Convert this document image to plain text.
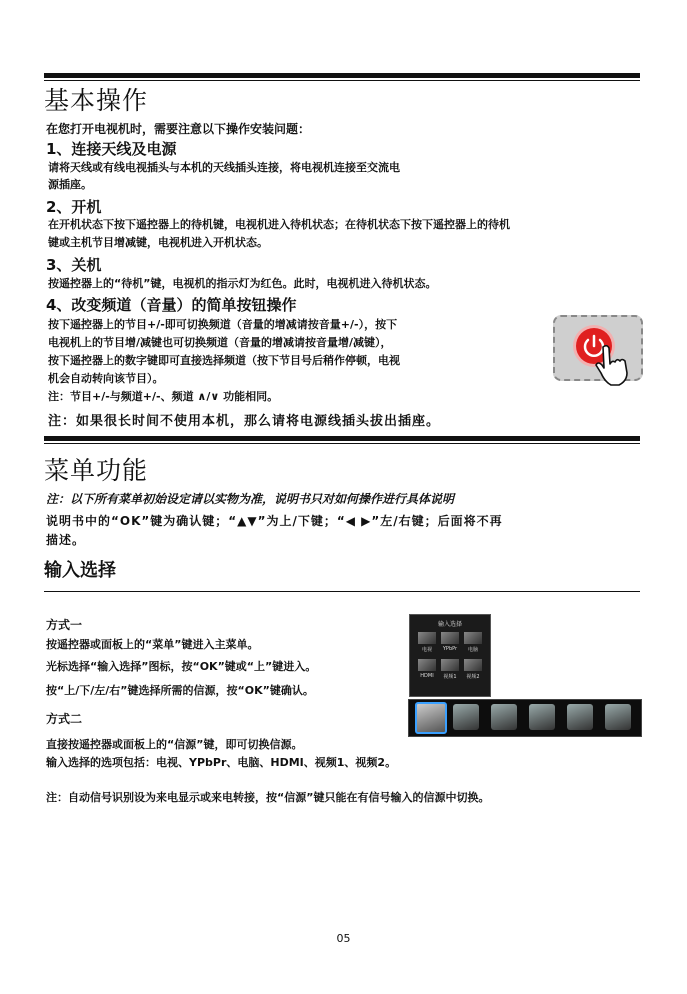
基本操作
在您打开电视机时，需要注意以下操作安装问题：
1、连接天线及电源
请将天线或有线电视插头与本机的天线插头连接，将电视机连接至交流电
源插座。
2、开机
在开机状态下按下遥控器上的待机键，电视机进入待机状态；在待机状态下按下遥控器上的待机
键或主机节目增减键，电视机进入开机状态。
3、关机
按遥控器上的“待机”键，电视机的指示灯为红色。此时，电视机进入待机状态。
4、改变频道（音量）的简单按钮操作
按下遥控器上的节目+/-即可切换频道（音量的增减请按音量+/-），按下
电视机上的节目增/减键也可切换频道（音量的增减请按音量增/减键），
按下遥控器上的数字键即可直接选择频道（按下节目号后稍作停顿，电视
机会自动转向该节目）。
注：节目+/-与频道+/-、频道 ∧/∨ 功能相同。
注：如果很长时间不使用本机，那么请将电源线插头拔出插座。
菜单功能
注：以下所有菜单初始设定请以实物为准，说明书只对如何操作进行具体说明
说明书中的“OK”键为确认键；“▲▼”为上/下键；“◀ ▶”左/右键；后面将不再
描述。
输入选择
方式一
按遥控器或面板上的“菜单”键进入主菜单。
光标选择“输入选择”图标，按“OK”键或“上”键进入。
按“上/下/左/右”键选择所需的信源，按“OK”键确认。
方式二
直接按遥控器或面板上的“信源”键，即可切换信源。
输入选择的选项包括：电视、YPbPr、电脑、HDMI、视频1、视频2。
输入选择
电视	YPbPr	电脑
HDMI	视频1	视频2
注：自动信号识别设为来电显示或来电转接，按“信源”键只能在有信号输入的信源中切换。
05
